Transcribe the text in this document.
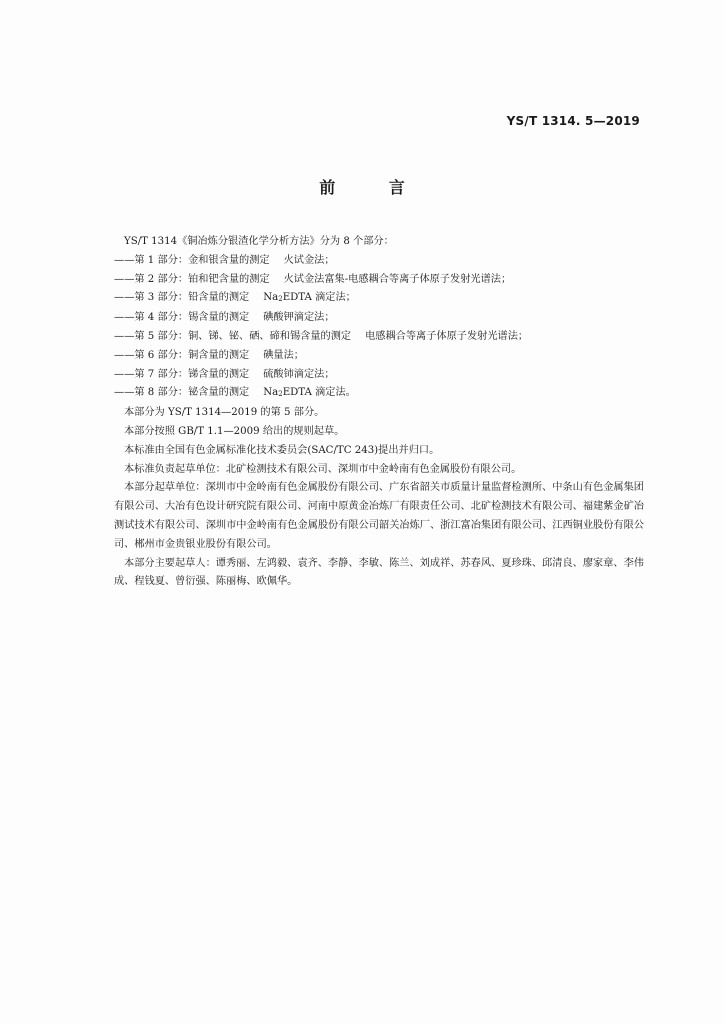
YS/T 1314. 5—2019
前 言
YS/T 1314《铜冶炼分银渣化学分析方法》分为 8 个部分：
——第 1 部分：金和银含量的测定 火试金法；
——第 2 部分：铂和钯含量的测定 火试金法富集-电感耦合等离子体原子发射光谱法；
——第 3 部分：铅含量的测定 Na2EDTA 滴定法；
——第 4 部分：锡含量的测定 碘酸钾滴定法；
——第 5 部分：铜、锑、铋、硒、碲和锡含量的测定 电感耦合等离子体原子发射光谱法；
——第 6 部分：铜含量的测定 碘量法；
——第 7 部分：锑含量的测定 硫酸铈滴定法；
——第 8 部分：铋含量的测定 Na2EDTA 滴定法。
本部分为 YS/T 1314—2019 的第 5 部分。
本部分按照 GB/T 1.1—2009 给出的规则起草。
本标准由全国有色金属标准化技术委员会(SAC/TC 243)提出并归口。
本标准负责起草单位：北矿检测技术有限公司、深圳市中金岭南有色金属股份有限公司。
本部分起草单位：深圳市中金岭南有色金属股份有限公司、广东省韶关市质量计量监督检测所、中条山有色金属集团有限公司、大冶有色设计研究院有限公司、河南中原黄金冶炼厂有限责任公司、北矿检测技术有限公司、福建紫金矿冶测试技术有限公司、深圳市中金岭南有色金属股份有限公司韶关冶炼厂、浙江富冶集团有限公司、江西铜业股份有限公司、郴州市金贵银业股份有限公司。
本部分主要起草人：谭秀丽、左鸿毅、袁齐、李静、李敏、陈兰、刘成祥、苏春风、夏珍珠、邱清良、廖家章、李伟成、程钱夏、曾衍强、陈丽梅、欧佩华。
